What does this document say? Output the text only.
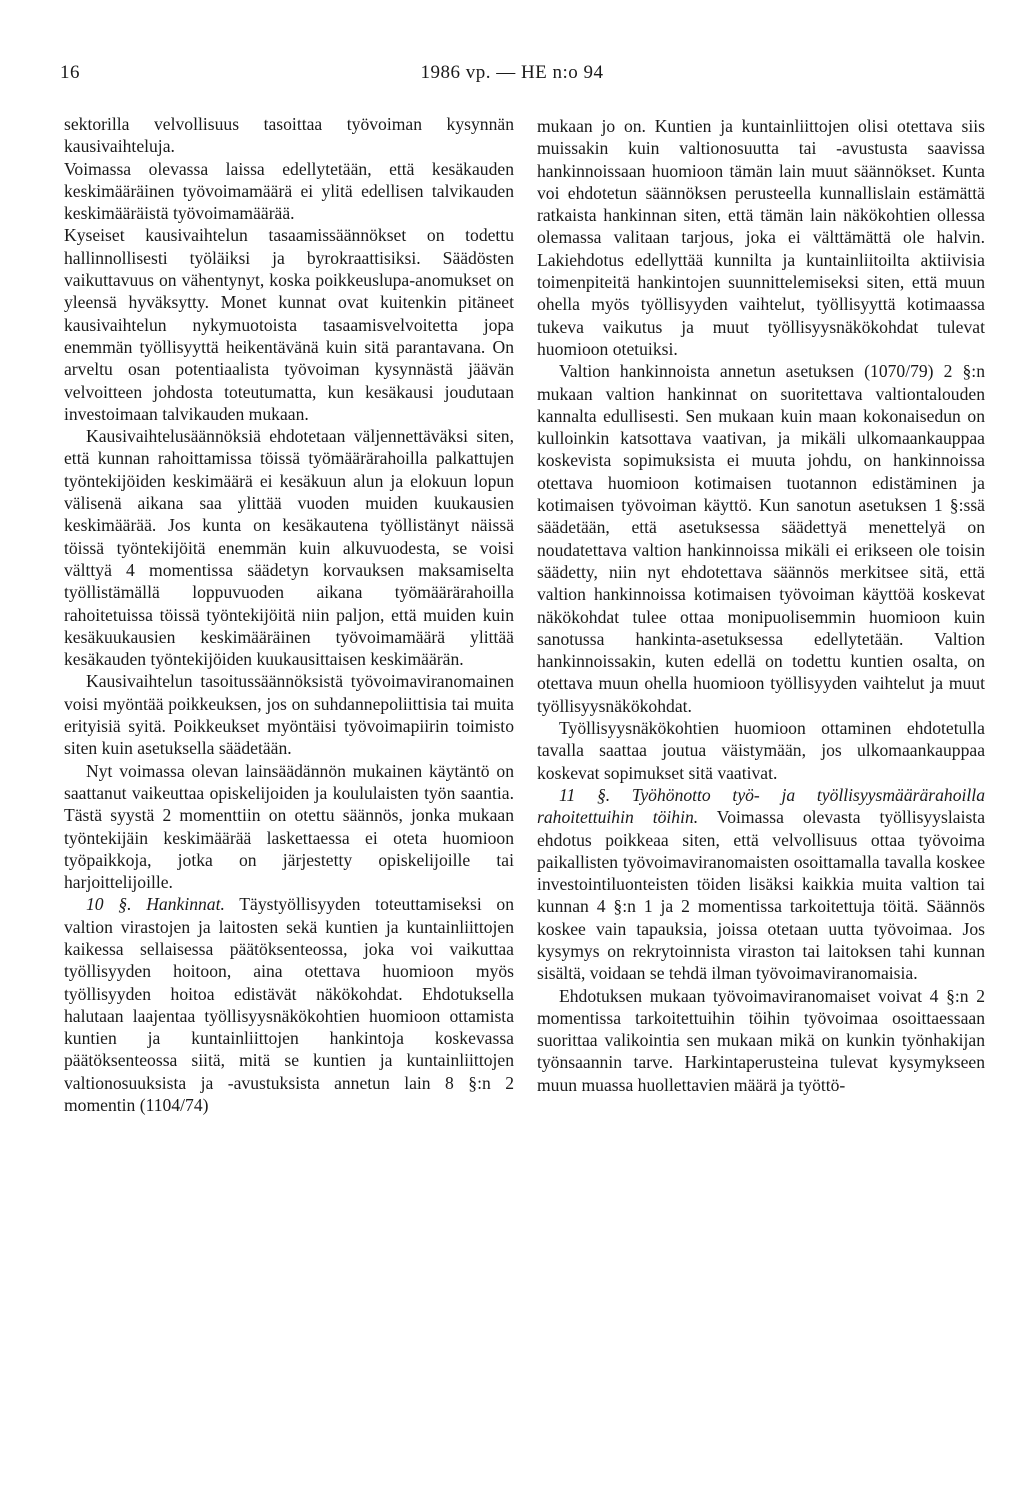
16	1986 vp. — HE n:o 94

sektorilla velvollisuus tasoittaa työvoiman kysynnän kausivaihteluja.

Voimassa olevassa laissa edellytetään, että kesäkauden keskimääräinen työvoimamäärä ei ylitä edellisen talvikauden keskimääräistä työvoimamäärää.

Kyseiset kausivaihtelun tasaamissäännökset on todettu hallinnollisesti työläiksi ja byrokraattisiksi. Säädösten vaikuttavuus on vähentynyt, koska poikkeuslupa-anomukset on yleensä hyväksytty. Monet kunnat ovat kuitenkin pitäneet kausivaihtelun nykymuotoista tasaamisvelvoitetta jopa enemmän työllisyyttä heikentävänä kuin sitä parantavana. On arveltu osan potentiaalista työvoiman kysynnästä jäävän velvoitteen johdosta toteutumatta, kun kesäkausi joudutaan investoimaan talvikauden mukaan.

Kausivaihtelusäännöksiä ehdotetaan väljennettäväksi siten, että kunnan rahoittamissa töissä työmäärärahoilla palkattujen työntekijöiden keskimäärä ei kesäkuun alun ja elokuun lopun välisenä aikana saa ylittää vuoden muiden kuukausien keskimäärää. Jos kunta on kesäkautena työllistänyt näissä töissä työntekijöitä enemmän kuin alkuvuodesta, se voisi välttyä 4 momentissa säädetyn korvauksen maksamiselta työllistämällä loppuvuoden aikana työmäärärahoilla rahoitetuissa töissä työntekijöitä niin paljon, että muiden kuin kesäkuukausien keskimääräinen työvoimamäärä ylittää kesäkauden työntekijöiden kuukausittaisen keskimäärän.

Kausivaihtelun tasoitussäännöksistä työvoimaviranomainen voisi myöntää poikkeuksen, jos on suhdannepoliittisia tai muita erityisiä syitä. Poikkeukset myöntäisi työvoimapiirin toimisto siten kuin asetuksella säädetään.

Nyt voimassa olevan lainsäädännön mukainen käytäntö on saattanut vaikeuttaa opiskelijoiden ja koululaisten työn saantia. Tästä syystä 2 momenttiin on otettu säännös, jonka mukaan työntekijäin keskimäärää laskettaessa ei oteta huomioon työpaikkoja, jotka on järjestetty opiskelijoille tai harjoittelijoille.

10 §. Hankinnat. Täystyöllisyyden toteuttamiseksi on valtion virastojen ja laitosten sekä kuntien ja kuntainliittojen kaikessa sellaisessa päätöksenteossa, joka voi vaikuttaa työllisyyden hoitoon, aina otettava huomioon myös työllisyyden hoitoa edistävät näkökohdat. Ehdotuksella halutaan laajentaa työllisyysnäkökohtien huomioon ottamista kuntien ja kuntainliittojen hankintoja koskevassa päätöksenteossa siitä, mitä se kuntien ja kuntainliittojen valtionosuuksista ja -avustuksista annetun lain 8 §:n 2 momentin (1104/74)

mukaan jo on. Kuntien ja kuntainliittojen olisi otettava siis muissakin kuin valtionosuutta tai -avustusta saavissa hankinnoissaan huomioon tämän lain muut säännökset. Kunta voi ehdotetun säännöksen perusteella kunnallislain estämättä ratkaista hankinnan siten, että tämän lain näkökohtien ollessa olemassa valitaan tarjous, joka ei välttämättä ole halvin. Lakiehdotus edellyttää kunnilta ja kuntainliitoilta aktiivisia toimenpiteitä hankintojen suunnittelemiseksi siten, että muun ohella myös työllisyyden vaihtelut, työllisyyttä kotimaassa tukeva vaikutus ja muut työllisyysnäkökohdat tulevat huomioon otetuiksi.

Valtion hankinnoista annetun asetuksen (1070/79) 2 §:n mukaan valtion hankinnat on suoritettava valtiontalouden kannalta edullisesti. Sen mukaan kuin maan kokonaisedun on kulloinkin katsottava vaativan, ja mikäli ulkomaankauppaa koskevista sopimuksista ei muuta johdu, on hankinnoissa otettava huomioon kotimaisen tuotannon edistäminen ja kotimaisen työvoiman käyttö. Kun sanotun asetuksen 1 §:ssä säädetään, että asetuksessa säädettyä menettelyä on noudatettava valtion hankinnoissa mikäli ei erikseen ole toisin säädetty, niin nyt ehdotettava säännös merkitsee sitä, että valtion hankinnoissa kotimaisen työvoiman käyttöä koskevat näkökohdat tulee ottaa monipuolisemmin huomioon kuin sanotussa hankinta-asetuksessa edellytetään. Valtion hankinnoissakin, kuten edellä on todettu kuntien osalta, on otettava muun ohella huomioon työllisyyden vaihtelut ja muut työllisyysnäkökohdat.

Työllisyysnäkökohtien huomioon ottaminen ehdotetulla tavalla saattaa joutua väistymään, jos ulkomaankauppaa koskevat sopimukset sitä vaativat.

11 §. Työhönotto työ- ja työllisyysmäärärahoilla rahoitettuihin töihin. Voimassa olevasta työllisyyslaista ehdotus poikkeaa siten, että velvollisuus ottaa työvoima paikallisten työvoimaviranomaisten osoittamalla tavalla koskee investointiluonteisten töiden lisäksi kaikkia muita valtion tai kunnan 4 §:n 1 ja 2 momentissa tarkoitettuja töitä. Säännös koskee vain tapauksia, joissa otetaan uutta työvoimaa. Jos kysymys on rekrytoinnista viraston tai laitoksen tahi kunnan sisältä, voidaan se tehdä ilman työvoimaviranomaisia.

Ehdotuksen mukaan työvoimaviranomaiset voivat 4 §:n 2 momentissa tarkoitettuihin töihin työvoimaa osoittaessaan suorittaa valikointia sen mukaan mikä on kunkin työnhakijan työnsaannin tarve. Harkintaperusteina tulevat kysymykseen muun muassa huollettavien määrä ja työttö-
